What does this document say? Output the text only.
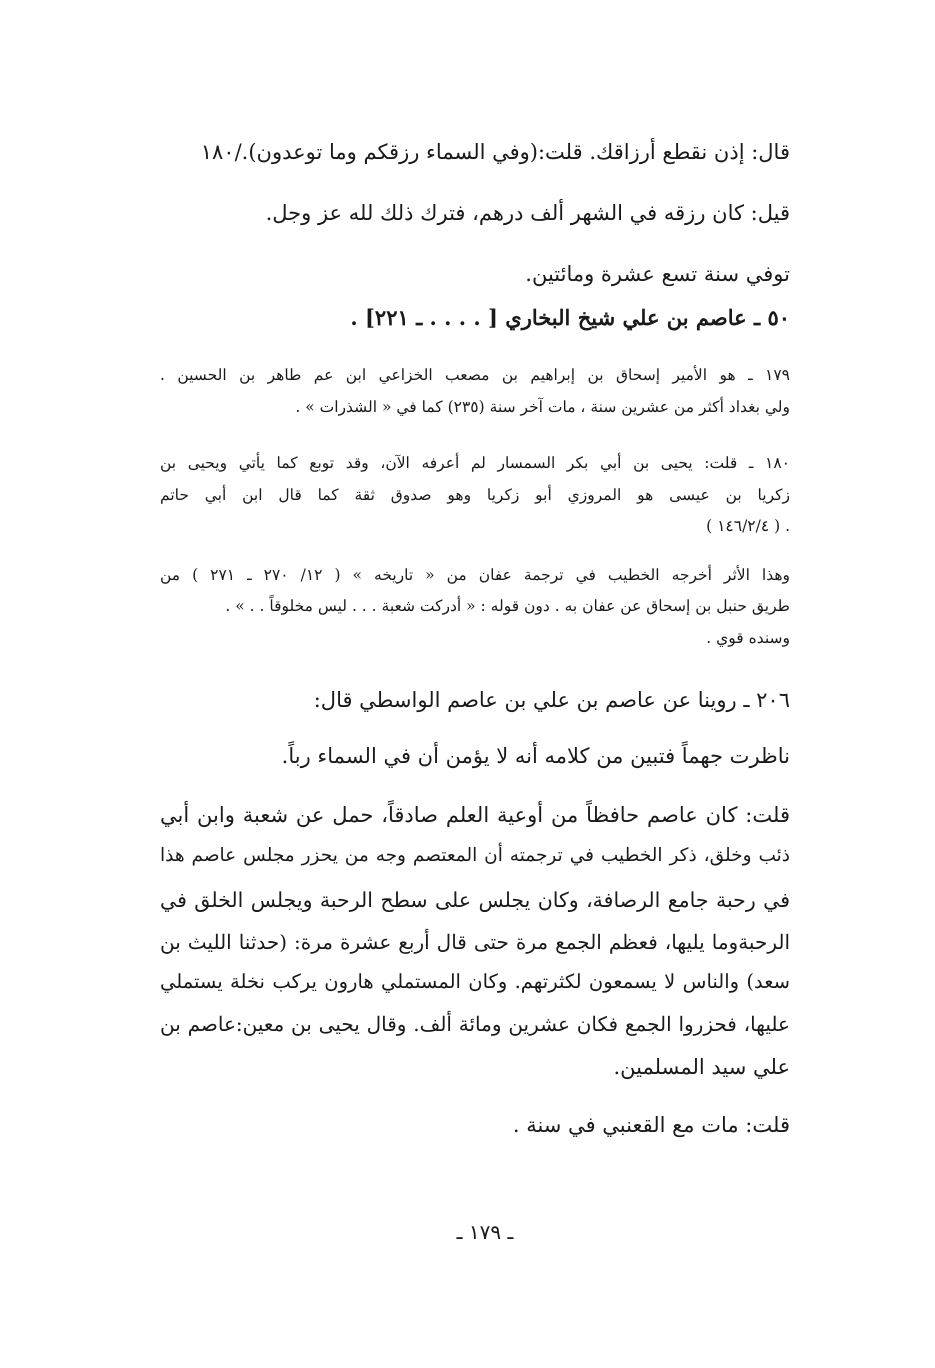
قال: إذن نقطع أرزاقك. قلت:(وفي السماء رزقكم وما توعدون)./١٨٠
قيل: كان رزقه في الشهر ألف درهم، فترك ذلك لله عز وجل.
توفي سنة تسع عشرة ومائتين.
٥٠ ـ عاصم بن علي شيخ البخاري [ . . . . ـ ٢٢١] .
١٧٩ ـ هو الأمير إسحاق بن إبراهيم بن مصعب الخزاعي ابن عم طاهر بن الحسين .
ولي بغداد أكثر من عشرين سنة ، مات آخر سنة (٢٣٥) كما في « الشذرات » .
١٨٠ ـ قلت: يحيى بن أبي بكر السمسار لم أعرفه الآن، وقد توبع كما يأتي ويحيى بن
زكريا بن عيسى هو المروزي أبو زكريا وهو صدوق ثقة كما قال ابن أبي حاتم
. ( ١٤٦/٢/٤ )
وهذا الأثر أخرجه الخطيب في ترجمة عفان من « تاريخه » ( ١٢/ ٢٧٠ ـ ٢٧١ ) من
طريق حنبل بن إسحاق عن عفان به . دون قوله : « أدركت شعبة . . . ليس مخلوقاً . . » .
وسنده قوي .
٢٠٦ ـ روينا عن عاصم بن علي بن عاصم الواسطي قال:
ناظرت جهماً فتبين من كلامه أنه لا يؤمن أن في السماء رباً.
قلت: كان عاصم حافظاً من أوعية العلم صادقاً، حمل عن شعبة وابن أبي
ذئب وخلق، ذكر الخطيب في ترجمته أن المعتصم وجه من يحزر مجلس عاصم هذا
في رحبة جامع الرصافة، وكان يجلس على سطح الرحبة ويجلس الخلق في
الرحبةوما يليها، فعظم الجمع مرة حتى قال أربع عشرة مرة: (حدثنا الليث بن
سعد) والناس لا يسمعون لكثرتهم. وكان المستملي هارون يركب نخلة يستملي
عليها، فحزروا الجمع فكان عشرين ومائة ألف. وقال يحيى بن معين:عاصم بن
علي سيد المسلمين.
قلت: مات مع القعنبي في سنة .
ـ ١٧٩ ـ
